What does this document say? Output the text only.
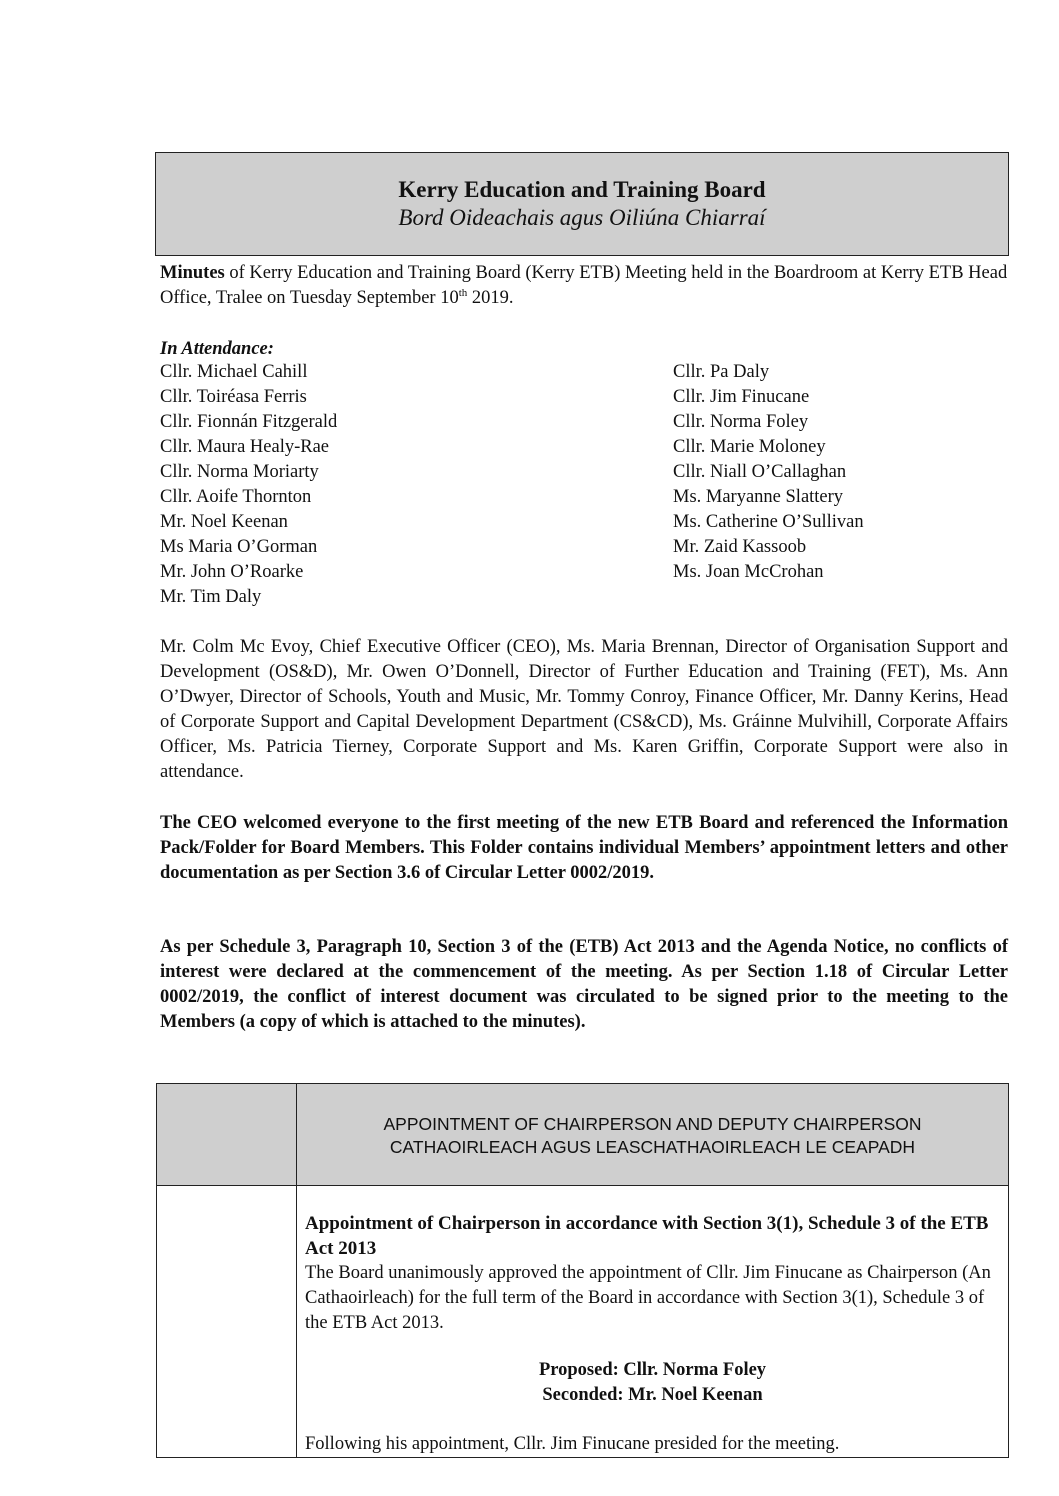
Kerry Education and Training Board
Bord Oideachais agus Oiliúna Chiarraí
Minutes of Kerry Education and Training Board (Kerry ETB) Meeting held in the Boardroom at Kerry ETB Head Office, Tralee on Tuesday September 10th 2019.
In Attendance:
Cllr. Michael Cahill
Cllr. Toiréasa Ferris
Cllr. Fionnán Fitzgerald
Cllr. Maura Healy-Rae
Cllr. Norma Moriarty
Cllr. Aoife Thornton
Mr. Noel Keenan
Ms Maria O’Gorman
Mr. John O’Roarke
Mr. Tim Daly
Cllr. Pa Daly
Cllr. Jim Finucane
Cllr. Norma Foley
Cllr. Marie Moloney
Cllr. Niall O’Callaghan
Ms. Maryanne Slattery
Ms. Catherine O’Sullivan
Mr. Zaid Kassoob
Ms. Joan McCrohan
Mr. Colm Mc Evoy, Chief Executive Officer (CEO), Ms. Maria Brennan, Director of Organisation Support and Development (OS&D), Mr. Owen O’Donnell, Director of Further Education and Training (FET), Ms. Ann O’Dwyer, Director of Schools, Youth and Music, Mr. Tommy Conroy, Finance Officer, Mr. Danny Kerins, Head of Corporate Support and Capital Development Department (CS&CD), Ms. Gráinne Mulvihill, Corporate Affairs Officer, Ms. Patricia Tierney, Corporate Support and Ms. Karen Griffin, Corporate Support were also in attendance.
The CEO welcomed everyone to the first meeting of the new ETB Board and referenced the Information Pack/Folder for Board Members. This Folder contains individual Members’ appointment letters and other documentation as per Section 3.6 of Circular Letter 0002/2019.
As per Schedule 3, Paragraph 10, Section 3 of the (ETB) Act 2013 and the Agenda Notice, no conflicts of interest were declared at the commencement of the meeting. As per Section 1.18 of Circular Letter 0002/2019, the conflict of interest document was circulated to be signed prior to the meeting to the Members (a copy of which is attached to the minutes).

	APPOINTMENT OF CHAIRPERSON AND DEPUTY CHAIRPERSON
CATHAOIRLEACH AGUS LEASCHATHAOIRLEACH LE CEAPADH

	Appointment of Chairperson in accordance with Section 3(1), Schedule 3 of the ETB Act 2013

The Board unanimously approved the appointment of Cllr. Jim Finucane as Chairperson (An Cathaoirleach) for the full term of the Board in accordance with Section 3(1), Schedule 3 of the ETB Act 2013.

Proposed: Cllr. Norma Foley
Seconded: Mr. Noel Keenan
Following his appointment, Cllr. Jim Finucane presided for the meeting.
